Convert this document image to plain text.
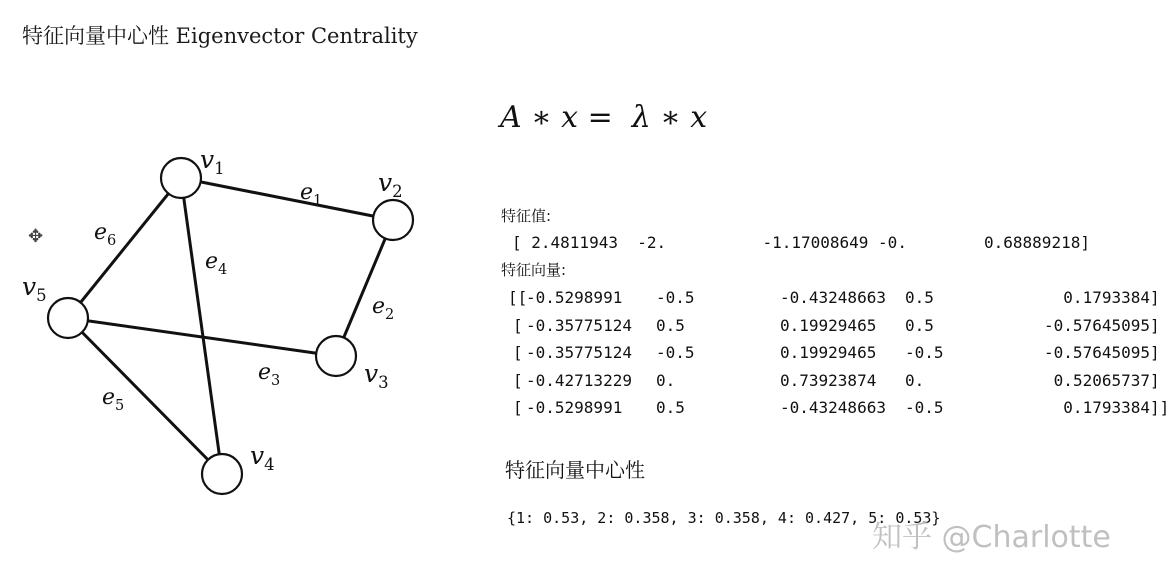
特征向量中心性 Eigenvector Centrality
$e_1$
$e_2$
$e_3$
$e_4$
$e_5$
$e_6$
$v_1$	$v_2$
$v_3$
$v_4$
$v_5$
✥
A ∗ x =  λ ∗ x
特征值:
[ 2.4811943  -2.          -1.17008649 -0.        0.68889218]
特征向量:
[[
-0.5298991	-0.5	-0.43248663 0.5	0.1793384 ]
[ -0.35775124 0.5	0.19929465	0.5	-0.57645095 ]
[ -0.35775124 -0.5	0.19929465	-0.5	-0.57645095 ]
[ -0.42713229 0.	0.73923874	0.	0.52065737 ]
[ -0.5298991	0.5	-0.43248663 -0.5	0.1793384 ]]
特征向量中心性
{1: 0.53, 2: 0.358, 3: 0.358, 4: 0.427, 5: 0.53}
知乎 @Charlotte
